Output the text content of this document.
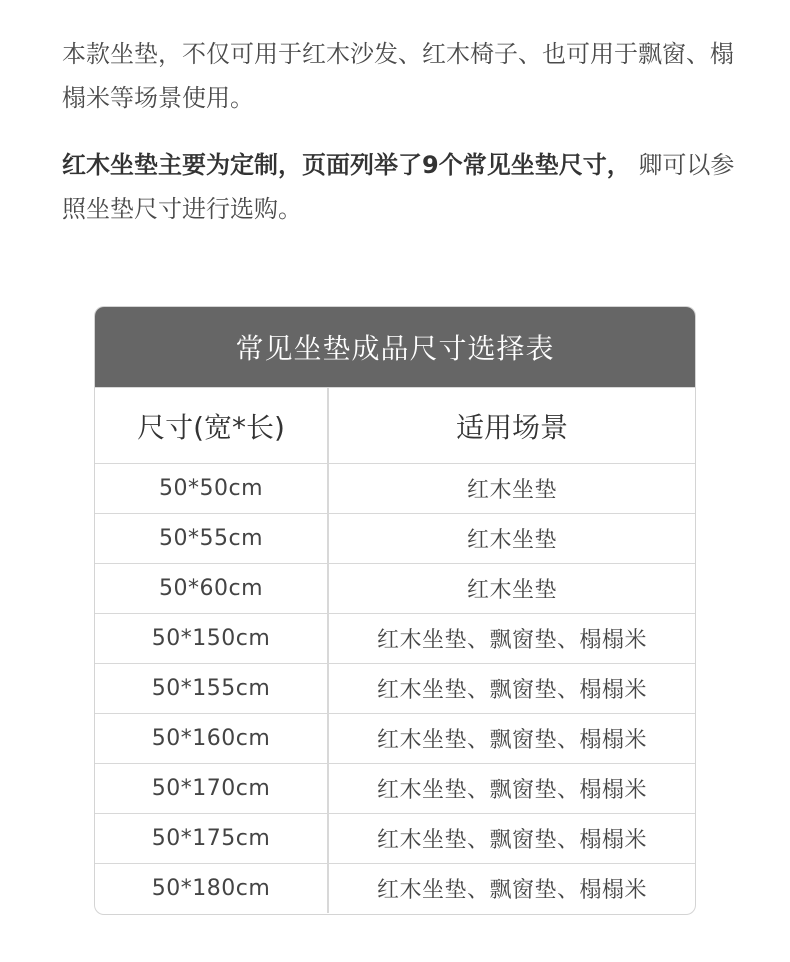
本款坐垫，不仅可用于红木沙发、红木椅子、也可用于飘窗、榻榻米等场景使用。

红木坐垫主要为定制，页面列举了9个常见坐垫尺寸， 卿可以参照坐垫尺寸进行选购。

常见坐垫成品尺寸选择表
尺寸(宽*长)	适用场景
50*50cm	红木坐垫
50*55cm	红木坐垫
50*60cm	红木坐垫
50*150cm	红木坐垫、飘窗垫、榻榻米
50*155cm	红木坐垫、飘窗垫、榻榻米
50*160cm	红木坐垫、飘窗垫、榻榻米
50*170cm	红木坐垫、飘窗垫、榻榻米
50*175cm	红木坐垫、飘窗垫、榻榻米
50*180cm	红木坐垫、飘窗垫、榻榻米
